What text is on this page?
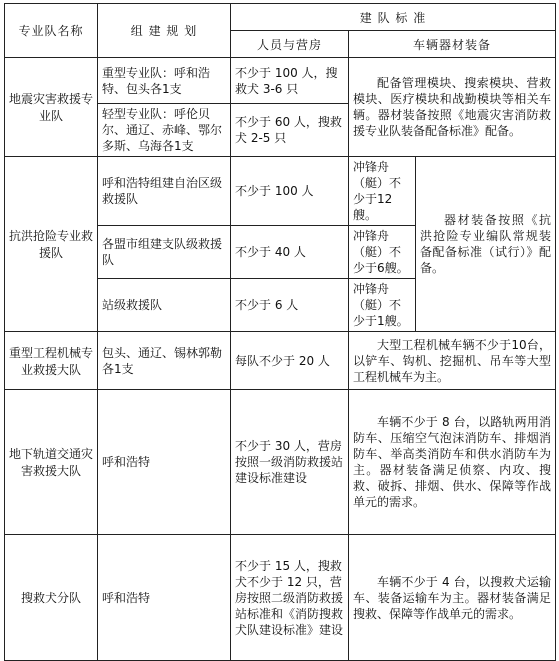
专业队名称	组 建 规 划	建 队 标 准		
		人员与营房	车辆器材装备	
地震灾害救援专业队	重型专业队：呼和浩特、包头各1支	不少于 100 人，搜救犬 3-6 只	配备管理模块、搜索模块、营救模块、医疗模块和战勤模块等相关车辆。器材装备按照《地震灾害消防救援专业队装备配备标准》配备。	
	轻型专业队：呼伦贝尔、通辽、赤峰、鄂尔多斯、乌海各1支	不少于 60 人，搜救犬 2-5 只		
抗洪抢险专业救援队	呼和浩特组建自治区级救援队	不少于 100 人	冲锋舟（艇）不少于12艘。	器材装备按照《抗洪抢险专业编队常规装备配备标准（试行）》配备。
	各盟市组建支队级救援队	不少于 40 人	冲锋舟（艇）不少于6艘。	
	站级救援队	不少于 6 人	冲锋舟（艇）不少于1艘。	
重型工程机械专业救援大队	包头、通辽、锡林郭勒各1支	每队不少于 20 人	大型工程机械车辆不少于10台，以铲车、钩机、挖掘机、吊车等大型工程机械车为主。	
地下轨道交通灾害救援大队	呼和浩特	不少于 30 人，营房按照一级消防救援站建设标准建设	车辆不少于 8 台，以路轨两用消防车、压缩空气泡沫消防车、排烟消防车、举高类消防车和供水消防车为主。器材装备满足侦察、内攻、搜救、破拆、排烟、供水、保障等作战单元的需求。	
搜救犬分队	呼和浩特	不少于 15 人，搜救犬不少于 12 只，营房按照二级消防救援站标准和《消防搜救犬队建设标准》建设	车辆不少于 4 台，以搜救犬运输车、装备运输车为主。器材装备满足搜救、保障等作战单元的需求。	
